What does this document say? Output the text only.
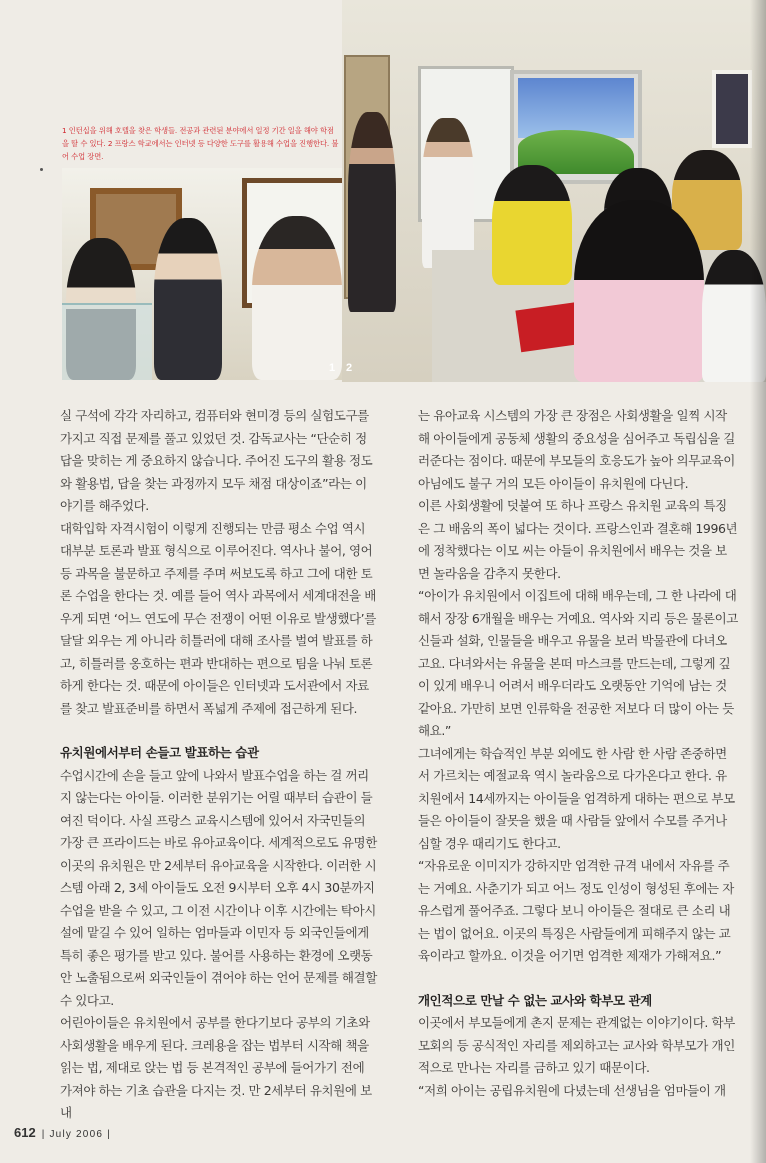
1 2
1 인턴십을 위해 호텔을 찾은 학생들. 전공과 관련된 분야에서 일정 기간 일을 해야 학점을 딸 수 있다. 2 프랑스 학교에서는 인터넷 등 다양한 도구를 활용해 수업을 진행한다. 불어 수업 장면.

실 구석에 각각 자리하고, 컴퓨터와 현미경 등의 실험도구를 가지고 직접 문제를 풀고 있었던 것. 감독교사는 “단순히 정답을 맞히는 게 중요하지 않습니다. 주어진 도구의 활용 정도와 활용법, 답을 찾는 과정까지 모두 채점 대상이죠”라는 이야기를 해주었다.

대학입학 자격시험이 이렇게 진행되는 만큼 평소 수업 역시 대부분 토론과 발표 형식으로 이루어진다. 역사나 불어, 영어 등 과목을 불문하고 주제를 주며 써보도록 하고 그에 대한 토론 수업을 한다는 것. 예를 들어 역사 과목에서 세계대전을 배우게 되면 ‘어느 연도에 무슨 전쟁이 어떤 이유로 발생했다’를 달달 외우는 게 아니라 히틀러에 대해 조사를 벌여 발표를 하고, 히틀러를 옹호하는 편과 반대하는 편으로 팀을 나눠 토론하게 한다는 것. 때문에 아이들은 인터넷과 도서관에서 자료를 찾고 발표준비를 하면서 폭넓게 주제에 접근하게 된다.

유치원에서부터 손들고 발표하는 습관

수업시간에 손을 들고 앞에 나와서 발표수업을 하는 걸 꺼리지 않는다는 아이들. 이러한 분위기는 어릴 때부터 습관이 들여진 덕이다. 사실 프랑스 교육시스템에 있어서 자국민들의 가장 큰 프라이드는 바로 유아교육이다. 세계적으로도 유명한 이곳의 유치원은 만 2세부터 유아교육을 시작한다. 이러한 시스템 아래 2, 3세 아이들도 오전 9시부터 오후 4시 30분까지 수업을 받을 수 있고, 그 이전 시간이나 이후 시간에는 탁아시설에 맡길 수 있어 일하는 엄마들과 이민자 등 외국인들에게 특히 좋은 평가를 받고 있다. 불어를 사용하는 환경에 오랫동안 노출됨으로써 외국인들이 겪어야 하는 언어 문제를 해결할 수 있다고.

어린아이들은 유치원에서 공부를 한다기보다 공부의 기초와 사회생활을 배우게 된다. 크레용을 잡는 법부터 시작해 책을 읽는 법, 제대로 앉는 법 등 본격적인 공부에 들어가기 전에 가져야 하는 기초 습관을 다지는 것. 만 2세부터 유치원에 보내

는 유아교육 시스템의 가장 큰 장점은 사회생활을 일찍 시작해 아이들에게 공동체 생활의 중요성을 심어주고 독립심을 길러준다는 점이다. 때문에 부모들의 호응도가 높아 의무교육이 아님에도 불구 거의 모든 아이들이 유치원에 다닌다.

이른 사회생활에 덧붙여 또 하나 프랑스 유치원 교육의 특징은 그 배움의 폭이 넓다는 것이다. 프랑스인과 결혼해 1996년에 정착했다는 이모 씨는 아들이 유치원에서 배우는 것을 보면 놀라움을 감추지 못한다.

“아이가 유치원에서 이집트에 대해 배우는데, 그 한 나라에 대해서 장장 6개월을 배우는 거예요. 역사와 지리 등은 물론이고 신들과 설화, 인물들을 배우고 유물을 보러 박물관에 다녀오고요. 다녀와서는 유물을 본떠 마스크를 만드는데, 그렇게 깊이 있게 배우니 어려서 배우더라도 오랫동안 기억에 남는 것 같아요. 가만히 보면 인류학을 전공한 저보다 더 많이 아는 듯해요.”

그녀에게는 학습적인 부분 외에도 한 사람 한 사람 존중하면서 가르치는 예절교육 역시 놀라움으로 다가온다고 한다. 유치원에서 14세까지는 아이들을 엄격하게 대하는 편으로 부모들은 아이들이 잘못을 했을 때 사람들 앞에서 수모를 주거나 심할 경우 때리기도 한다고.

“자유로운 이미지가 강하지만 엄격한 규격 내에서 자유를 주는 거예요. 사춘기가 되고 어느 정도 인성이 형성된 후에는 자유스럽게 풀어주죠. 그렇다 보니 아이들은 절대로 큰 소리 내는 법이 없어요. 이곳의 특징은 사람들에게 피해주지 않는 교육이라고 할까요. 이것을 어기면 엄격한 제재가 가해져요.”

개인적으로 만날 수 없는 교사와 학부모 관계

이곳에서 부모들에게 촌지 문제는 관계없는 이야기이다. 학부모회의 등 공식적인 자리를 제외하고는 교사와 학부모가 개인적으로 만나는 자리를 금하고 있기 때문이다.

“저희 아이는 공립유치원에 다녔는데 선생님을 엄마들이 개

612 | July 2006 |
